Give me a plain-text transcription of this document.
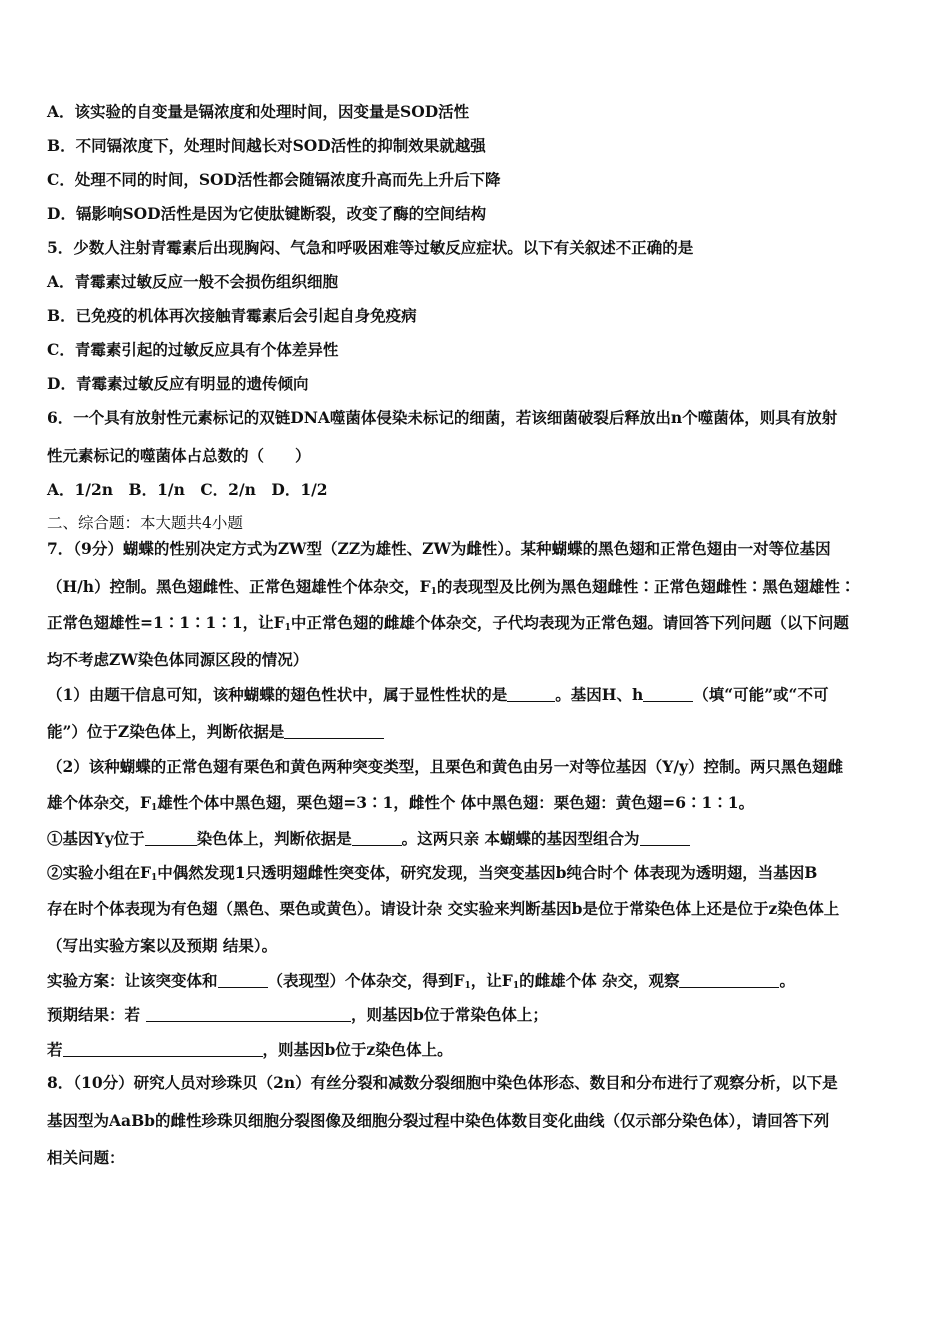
A．该实验的自变量是镉浓度和处理时间，因变量是SOD活性
B．不同镉浓度下，处理时间越长对SOD活性的抑制效果就越强
C．处理不同的时间，SOD活性都会随镉浓度升高而先上升后下降
D．镉影响SOD活性是因为它使肽键断裂，改变了酶的空间结构
5．少数人注射青霉素后出现胸闷、气急和呼吸困难等过敏反应症状。以下有关叙述不正确的是
A．青霉素过敏反应一般不会损伤组织细胞
B．已免疫的机体再次接触青霉素后会引起自身免疫病
C．青霉素引起的过敏反应具有个体差异性
D．青霉素过敏反应有明显的遗传倾向
6．一个具有放射性元素标记的双链DNA噬菌体侵染未标记的细菌，若该细菌破裂后释放出n个噬菌体，则具有放射
性元素标记的噬菌体占总数的（　　）
A．1/2n　B．1/n　C．2/n　D．1/2
二、综合题：本大题共4小题
7．（9分）蝴蝶的性别决定方式为ZW型（ZZ为雄性、ZW为雌性）。某种蝴蝶的黑色翅和正常色翅由一对等位基因
（H/h）控制。黑色翅雌性、正常色翅雄性个体杂交，$F_1$的表现型及比例为黑色翅雌性∶正常色翅雌性∶黑色翅雄性∶
正常色翅雄性=1∶1∶1∶1，让$F_1$中正常色翅的雌雄个体杂交，子代均表现为正常色翅。请回答下列问题（以下问题
均不考虑ZW染色体同源区段的情况）
（1）由题干信息可知，该种蝴蝶的翅色性状中，属于显性性状的是	。基因H、h	（填“可能”或“不可
能”）位于Z染色体上，判断依据是
（2）该种蝴蝶的正常色翅有栗色和黄色两种突变类型，且栗色和黄色由另一对等位基因（Y/y）控制。两只黑色翅雌
雄个体杂交，$F_1$雄性个体中黑色翅，栗色翅=3∶1，雌性个 体中黑色翅：栗色翅：黄色翅=6∶1∶1。
①基因Yy位于	染色体上，判断依据是	。这两只亲 本蝴蝶的基因型组合为
②实验小组在$F_1$中偶然发现1只透明翅雌性突变体，研究发现，当突变基因b纯合时个 体表现为透明翅，当基因B
存在时个体表现为有色翅（黑色、栗色或黄色）。请设计杂 交实验来判断基因b是位于常染色体上还是位于z染色体上
（写出实验方案以及预期 结果）。
实验方案：让该突变体和	（表现型）个体杂交，得到$F_1$，让$F_1$的雌雄个体 杂交，观察	。
预期结果：若	，则基因b位于常染色体上；
若	，则基因b位于z染色体上。
8．（10分）研究人员对珍珠贝（2n）有丝分裂和减数分裂细胞中染色体形态、数目和分布进行了观察分析，以下是
基因型为AaBb的雌性珍珠贝细胞分裂图像及细胞分裂过程中染色体数目变化曲线（仅示部分染色体），请回答下列
相关问题：
